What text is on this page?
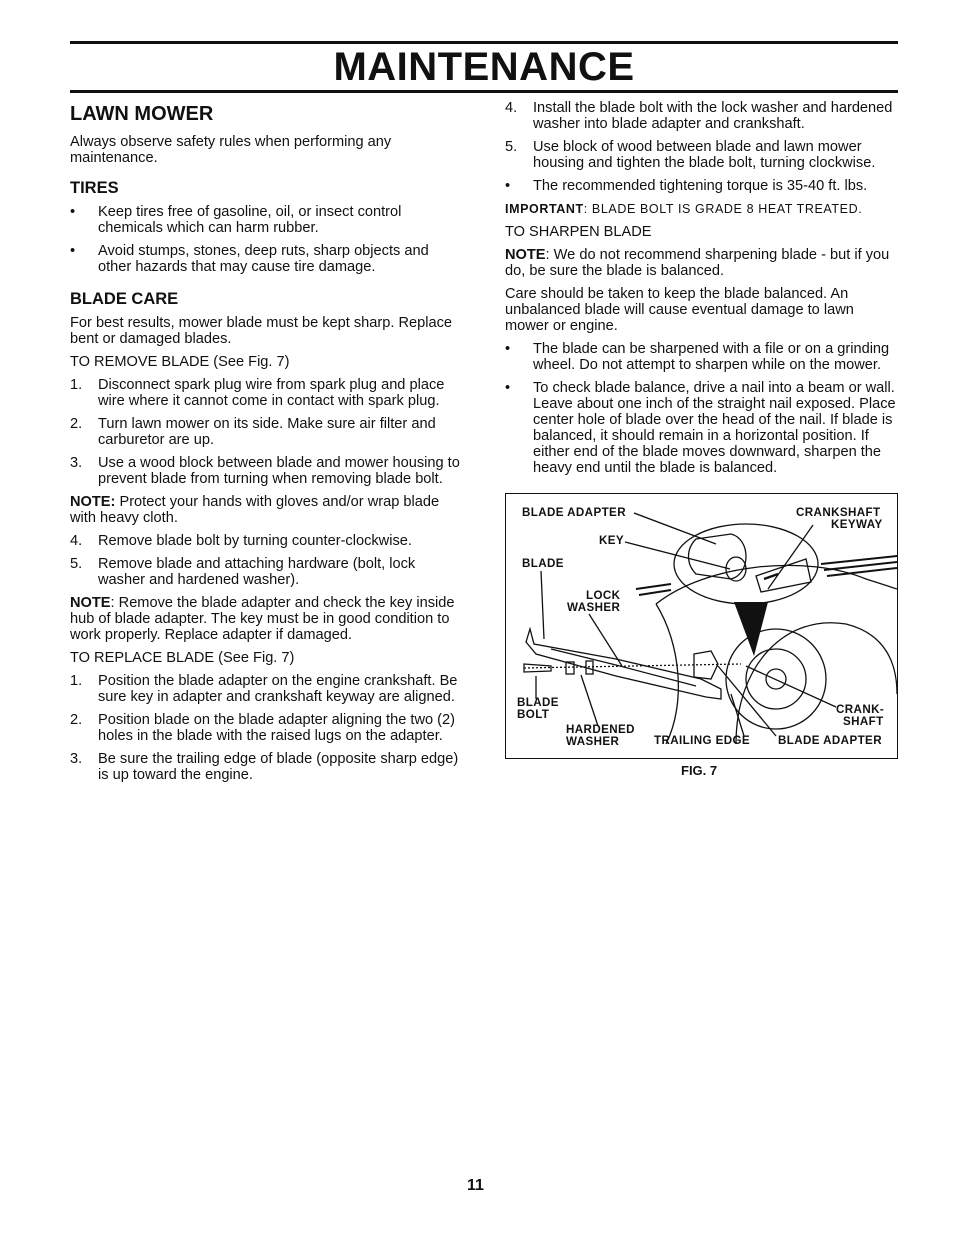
MAINTENANCE
LAWN MOWER

Always observe safety rules when performing any maintenance.

TIRES
•	Keep tires free of gasoline, oil, or insect control chemicals which can harm rubber.
•	Avoid stumps, stones, deep ruts, sharp objects and other hazards that may cause tire damage.
BLADE CARE

For best results, mower blade must be kept sharp. Replace bent or damaged blades.

TO REMOVE BLADE (See Fig. 7)

1.	Disconnect spark plug wire from spark plug and place wire where it cannot come in contact with spark plug.
2.	Turn lawn mower on its side. Make sure air filter and carburetor are up.
3.	Use a wood block between blade and mower housing to prevent blade from turning when removing blade bolt.

NOTE: Protect your hands with gloves and/or wrap blade with heavy cloth.

4.	Remove blade bolt by turning counter-clockwise.
5.	Remove blade and attaching hardware (bolt, lock washer and hardened washer).

NOTE: Remove the blade adapter and check the key inside hub of blade adapter. The key must be in good condition to work properly. Replace adapter if damaged.

TO REPLACE BLADE (See Fig. 7)

1.	Position the blade adapter on the engine crankshaft. Be sure key in adapter and crankshaft keyway are aligned.
2.	Position blade on the blade adapter aligning the two (2) holes in the blade with the raised lugs on the adapter.
3.	Be sure the trailing edge of blade (opposite sharp edge) is up toward the engine.
4.	Install the blade bolt with the lock washer and hardened washer into blade adapter and crankshaft.
5.	Use block of wood between blade and lawn mower housing and tighten the blade bolt, turning clockwise.
•	The recommended tightening torque is 35-40 ft. lbs.

IMPORTANT: BLADE BOLT IS GRADE 8 HEAT TREATED.

TO SHARPEN BLADE

NOTE: We do not recommend sharpening blade - but if you do, be sure the blade is balanced.

Care should be taken to keep the blade balanced. An unbalanced blade will cause eventual damage to lawn mower or engine.

•	The blade can be sharpened with a file or on a grinding wheel. Do not attempt to sharpen while on the mower.
•	To check blade balance, drive a nail into a beam or wall. Leave about one inch of the straight nail exposed. Place center hole of blade over the head of the nail. If blade is balanced, it should remain in a horizontal position. If either end of the blade moves downward, sharpen the heavy end until the blade is balanced.
BLADE ADAPTER	CRANKSHAFT
KEYWAY
KEY
BLADE
LOCK
WASHER
BLADE
BOLT
HARDENED
WASHER	TRAILING EDGE BLADE ADAPTER
CRANK-
SHAFT
FIG. 7
11
